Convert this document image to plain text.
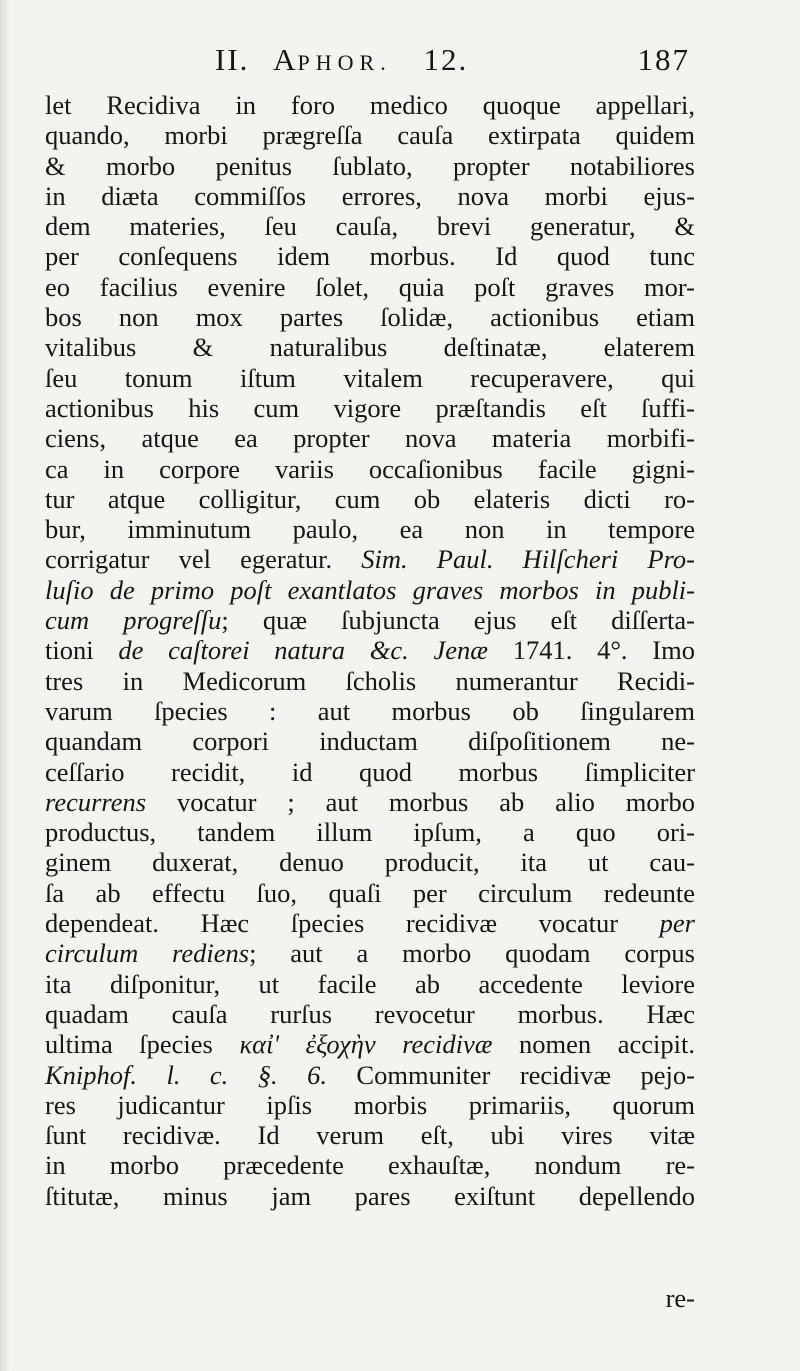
II. APHOR. 12.	187
let Recidiva in foro medico quoque appellari,
quando, morbi prægreſſa cauſa extirpata quidem
& morbo penitus ſublato, propter notabiliores
in diæta commiſſos errores, nova morbi ejus-
dem materies, ſeu cauſa, brevi generatur, &
per conſequens idem morbus. Id quod tunc
eo facilius evenire ſolet, quia poſt graves mor-
bos non mox partes ſolidæ, actionibus etiam
vitalibus & naturalibus deſtinatæ, elaterem
ſeu tonum iſtum vitalem recuperavere, qui
actionibus his cum vigore præſtandis eſt ſuffi-
ciens, atque ea propter nova materia morbifi-
ca in corpore variis occaſionibus facile gigni-
tur atque colligitur, cum ob elateris dicti ro-
bur, imminutum paulo, ea non in tempore
corrigatur vel egeratur. Sim. Paul. Hilſcheri Pro-
luſio de primo poſt exantlatos graves morbos in publi-
cum progreſſu; quæ ſubjuncta ejus eſt diſſerta-
tioni de caſtorei natura &c. Jenæ 1741. 4°. Imo
tres in Medicorum ſcholis numerantur Recidi-
varum ſpecies : aut morbus ob ſingularem
quandam corpori inductam diſpoſitionem ne-
ceſſario recidit, id quod morbus ſimpliciter
recurrens vocatur ; aut morbus ab alio morbo
productus, tandem illum ipſum, a quo ori-
ginem duxerat, denuo producit, ita ut cau-
ſa ab effectu ſuo, quaſi per circulum redeunte
dependeat. Hæc ſpecies recidivæ vocatur per
circulum rediens; aut a morbo quodam corpus
ita diſponitur, ut facile ab accedente leviore
quadam cauſa rurſus revocetur morbus. Hæc
ultima ſpecies καἰ' ἐξοχὴν recidivæ nomen accipit.
Kniphof. l. c. §. 6. Communiter recidivæ pejo-
res judicantur ipſis morbis primariis, quorum
ſunt recidivæ. Id verum eſt, ubi vires vitæ
in morbo præcedente exhauſtæ, nondum re-
ſtitutæ, minus jam pares exiſtunt depellendo
re-
